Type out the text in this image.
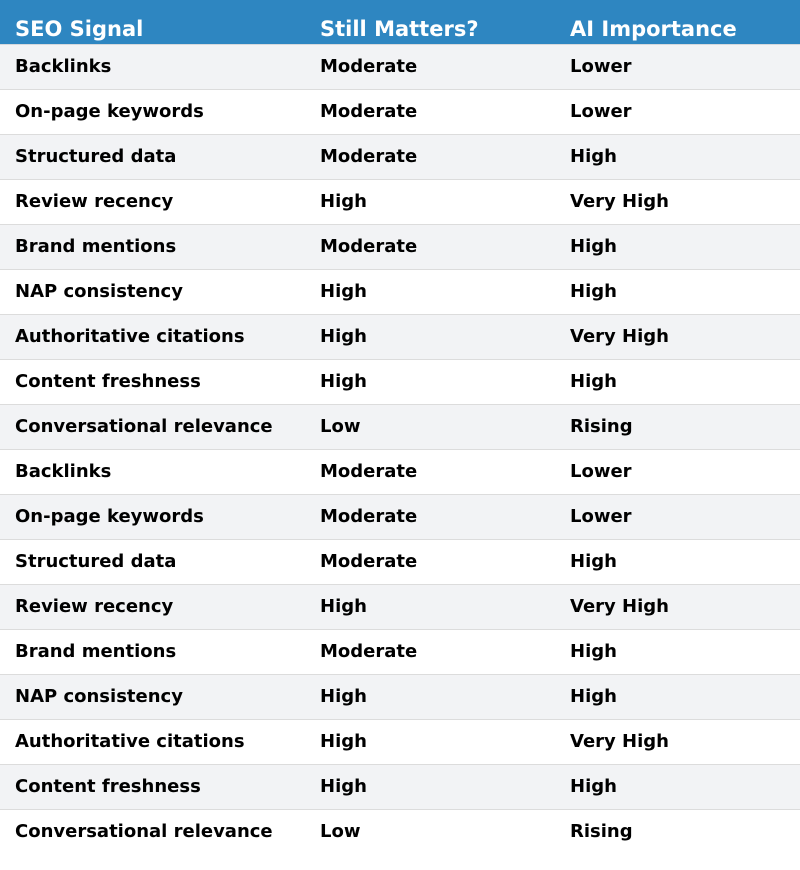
SEO Signal	Still Matters?	AI Importance
Backlinks	Moderate	Lower
On-page keywords	Moderate	Lower
Structured data	Moderate	High
Review recency	High	Very High
Brand mentions	Moderate	High
NAP consistency	High	High
Authoritative citations	High	Very High
Content freshness	High	High
Conversational relevance	Low	Rising
Backlinks	Moderate	Lower
On-page keywords	Moderate	Lower
Structured data	Moderate	High
Review recency	High	Very High
Brand mentions	Moderate	High
NAP consistency	High	High
Authoritative citations	High	Very High
Content freshness	High	High
Conversational relevance	Low	Rising
